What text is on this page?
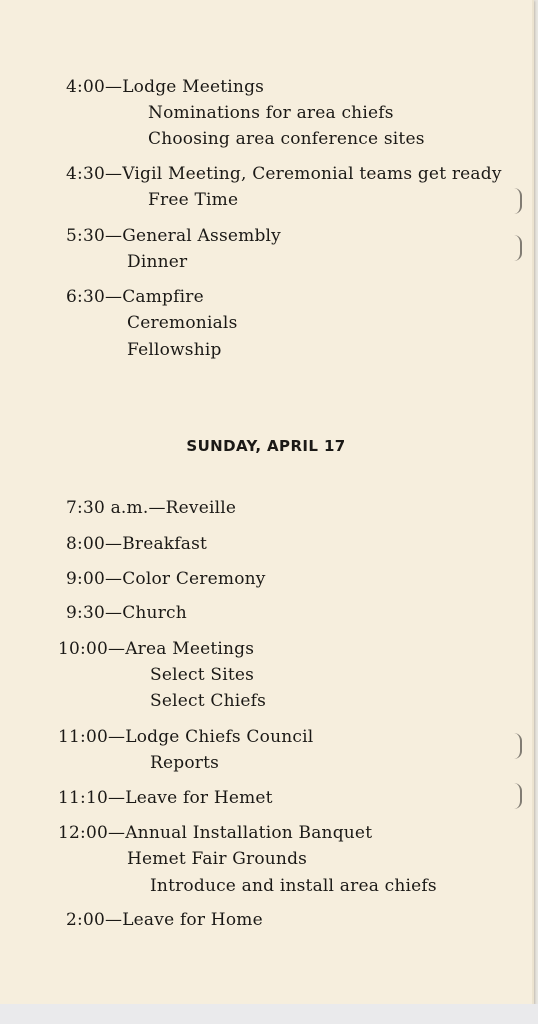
4:00—Lodge Meetings
Nominations for area chiefs
Choosing area conference sites
4:30—Vigil Meeting, Ceremonial teams get ready
Free Time
5:30—General Assembly
Dinner
6:30—Campfire
Ceremonials
Fellowship
SUNDAY, APRIL 17
7:30 a.m.—Reveille
8:00—Breakfast
9:00—Color Ceremony
9:30—Church
10:00—Area Meetings
Select Sites
Select Chiefs
11:00—Lodge Chiefs Council
Reports
11:10—Leave for Hemet
12:00—Annual Installation Banquet
Hemet Fair Grounds
Introduce and install area chiefs
2:00—Leave for Home
